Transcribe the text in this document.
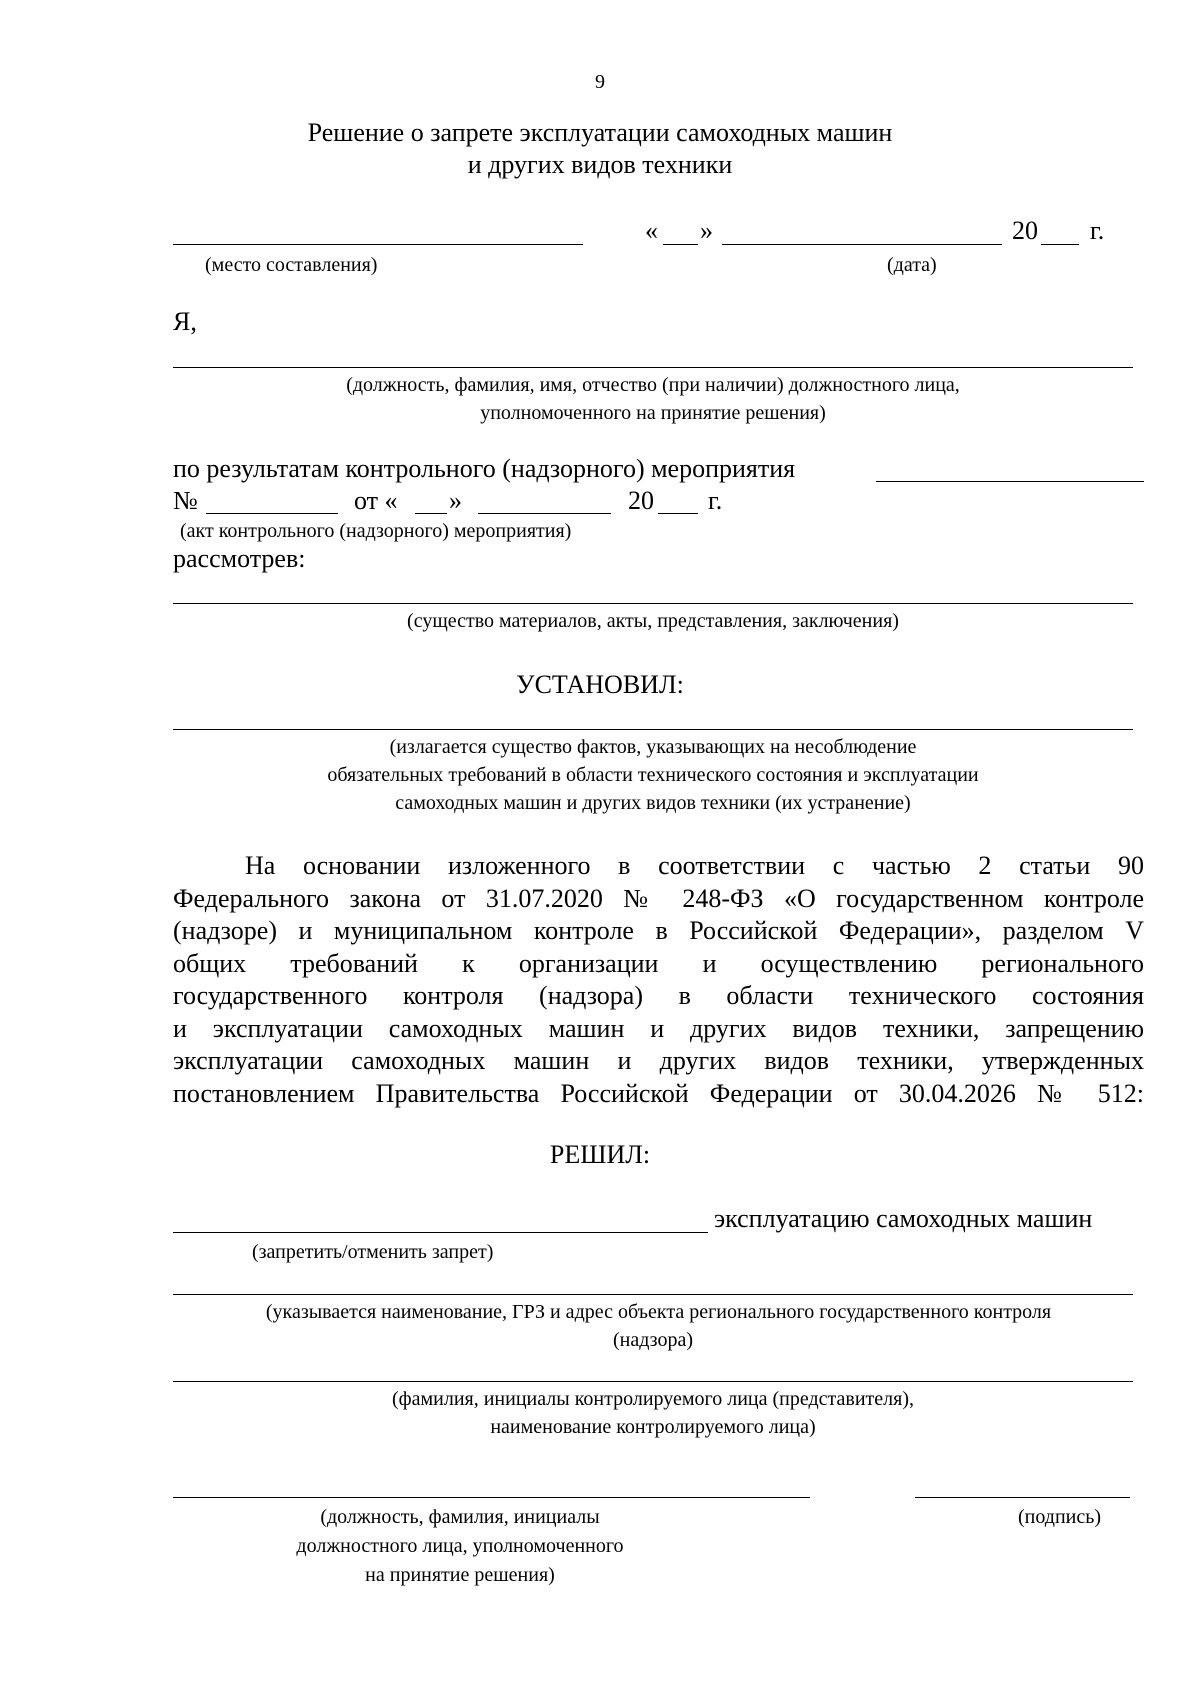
9
Решение о запрете эксплуатации самоходных машин
и других видов техники
« »	20 г.
(место составления)	(дата)
Я,
(должность, фамилия, имя, отчество (при наличии) должностного лица,
уполномоченного на принятие решения)
по результатам контрольного (надзорного) мероприятия
№	от « »	20 г.
(акт контрольного (надзорного) мероприятия)
рассмотрев:
(существо материалов, акты, представления, заключения)
УСТАНОВИЛ:
(излагается существо фактов, указывающих на несоблюдение
обязательных требований в области технического состояния и эксплуатации
самоходных машин и других видов техники (их устранение)
На основании изложенного в соответствии с частью 2 статьи 90
Федерального закона от 31.07.2020 № 248-ФЗ «О государственном контроле
(надзоре) и муниципальном контроле в Российской Федерации», разделом V
общих требований к организации и осуществлению регионального
государственного контроля (надзора) в области технического состояния
и эксплуатации самоходных машин и других видов техники, запрещению
эксплуатации самоходных машин и других видов техники, утвержденных
постановлением Правительства Российской Федерации от 30.04.2026 № 512:
РЕШИЛ:
эксплуатацию самоходных машин
(запретить/отменить запрет)
(указывается наименование, ГРЗ и адрес объекта регионального государственного контроля
(надзора)
(фамилия, инициалы контролируемого лица (представителя),
наименование контролируемого лица)
(должность, фамилия, инициалы
должностного лица, уполномоченного
на принятие решения)
(подпись)
